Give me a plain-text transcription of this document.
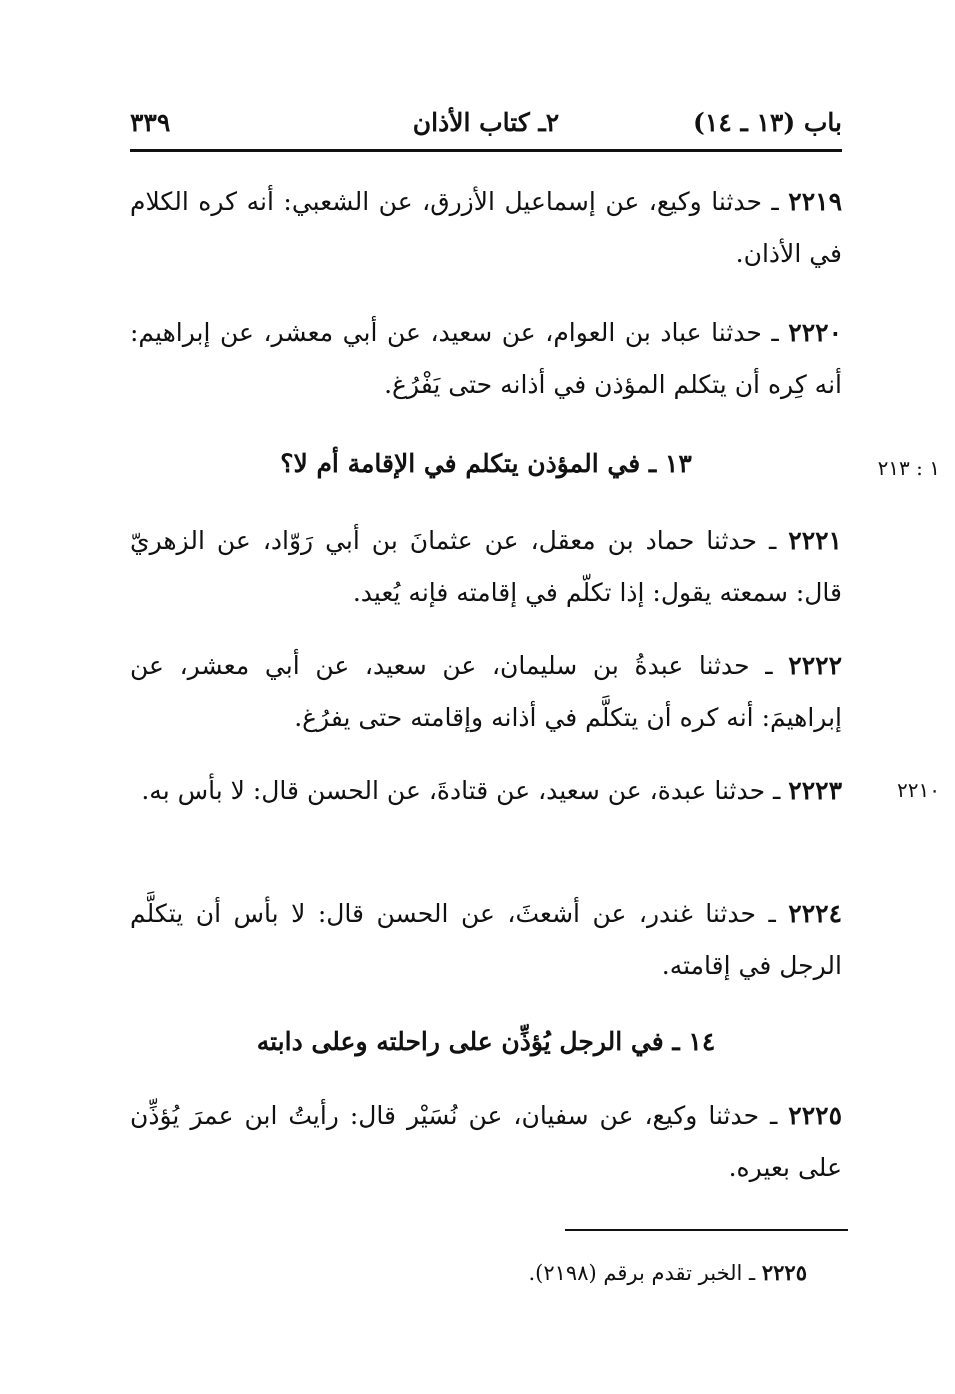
باب (١٣ ـ ١٤)
٢ـ كتاب الأذان
٣٣٩

٢٢١٩ ـ حدثنا وكيع، عن إسماعيل الأزرق، عن الشعبي: أنه كره الكلام في الأذان.

٢٢٢٠ ـ حدثنا عباد بن العوام، عن سعيد، عن أبي معشر، عن إبراهيم: أنه كِره أن يتكلم المؤذن في أذانه حتى يَفْرُغ.

١٣ ـ في المؤذن يتكلم في الإقامة أم لا؟	١ : ٢١٣

٢٢٢١ ـ حدثنا حماد بن معقل، عن عثمانَ بن أبي رَوّاد، عن الزهريّ قال: سمعته يقول: إذا تكلّم في إقامته فإنه يُعيد.

٢٢٢٢ ـ حدثنا عبدةُ بن سليمان، عن سعيد، عن أبي معشر، عن إبراهيمَ: أنه كره أن يتكلَّم في أذانه وإقامته حتى يفرُغ.

٢٢١٠

٢٢٢٣ ـ حدثنا عبدة، عن سعيد، عن قتادةَ، عن الحسن قال: لا بأس به.

٢٢٢٤ ـ حدثنا غندر، عن أشعثَ، عن الحسن قال: لا بأس أن يتكلَّم الرجل في إقامته.

١٤ ـ في الرجل يُؤذِّن على راحلته وعلى دابته

٢٢٢٥ ـ حدثنا وكيع، عن سفيان، عن نُسَيْر قال: رأيتُ ابن عمرَ يُؤذِّن على بعيره.

٢٢٢٥ ـ الخبر تقدم برقم (٢١٩٨).
